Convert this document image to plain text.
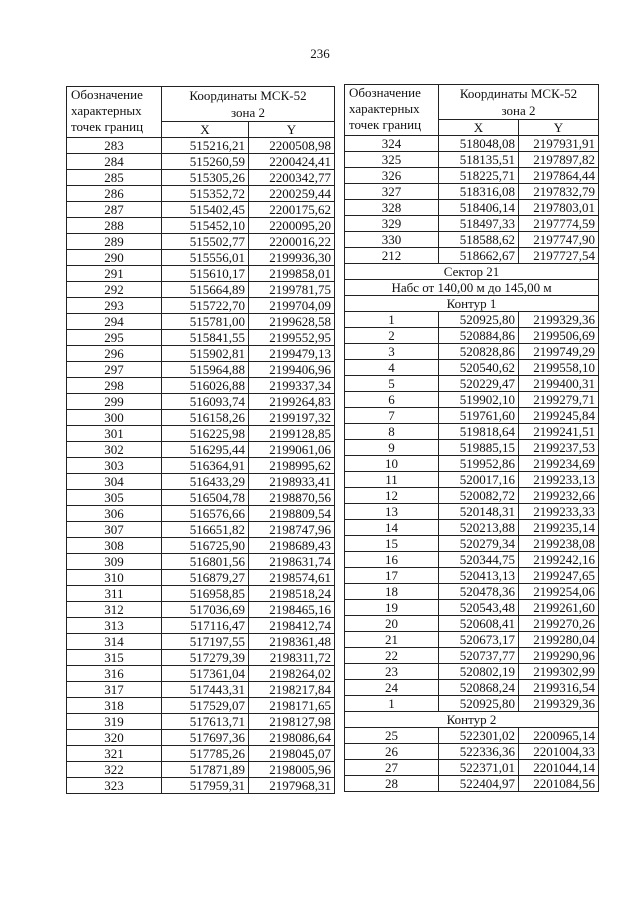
236
Обозначение
характерных
точек границ	Координаты МСК-52	
	зона 2	
	X	Y
283	515216,21	2200508,98
284	515260,59	2200424,41
285	515305,26	2200342,77
286	515352,72	2200259,44
287	515402,45	2200175,62
288	515452,10	2200095,20
289	515502,77	2200016,22
290	515556,01	2199936,30
291	515610,17	2199858,01
292	515664,89	2199781,75
293	515722,70	2199704,09
294	515781,00	2199628,58
295	515841,55	2199552,95
296	515902,81	2199479,13
297	515964,88	2199406,96
298	516026,88	2199337,34
299	516093,74	2199264,83
300	516158,26	2199197,32
301	516225,98	2199128,85
302	516295,44	2199061,06
303	516364,91	2198995,62
304	516433,29	2198933,41
305	516504,78	2198870,56
306	516576,66	2198809,54
307	516651,82	2198747,96
308	516725,90	2198689,43
309	516801,56	2198631,74
310	516879,27	2198574,61
311	516958,85	2198518,24
312	517036,69	2198465,16
313	517116,47	2198412,74
314	517197,55	2198361,48
315	517279,39	2198311,72
316	517361,04	2198264,02
317	517443,31	2198217,84
318	517529,07	2198171,65
319	517613,71	2198127,98
320	517697,36	2198086,64
321	517785,26	2198045,07
322	517871,89	2198005,96
323	517959,31	2197968,31
Обозначение
характерных
точек границ	Координаты МСК-52	
	зона 2	
	X	Y
324	518048,08	2197931,91
325	518135,51	2197897,82
326	518225,71	2197864,44
327	518316,08	2197832,79
328	518406,14	2197803,01
329	518497,33	2197774,59
330	518588,62	2197747,90
212	518662,67	2197727,54
Сектор 21		
Набс от 140,00 м до 145,00 м		
Контур 1		
1	520925,80	2199329,36
2	520884,86	2199506,69
3	520828,86	2199749,29
4	520540,62	2199558,10
5	520229,47	2199400,31
6	519902,10	2199279,71
7	519761,60	2199245,84
8	519818,64	2199241,51
9	519885,15	2199237,53
10	519952,86	2199234,69
11	520017,16	2199233,13
12	520082,72	2199232,66
13	520148,31	2199233,33
14	520213,88	2199235,14
15	520279,34	2199238,08
16	520344,75	2199242,16
17	520413,13	2199247,65
18	520478,36	2199254,06
19	520543,48	2199261,60
20	520608,41	2199270,26
21	520673,17	2199280,04
22	520737,77	2199290,96
23	520802,19	2199302,99
24	520868,24	2199316,54
1	520925,80	2199329,36
Контур 2		
25	522301,02	2200965,14
26	522336,36	2201004,33
27	522371,01	2201044,14
28	522404,97	2201084,56
